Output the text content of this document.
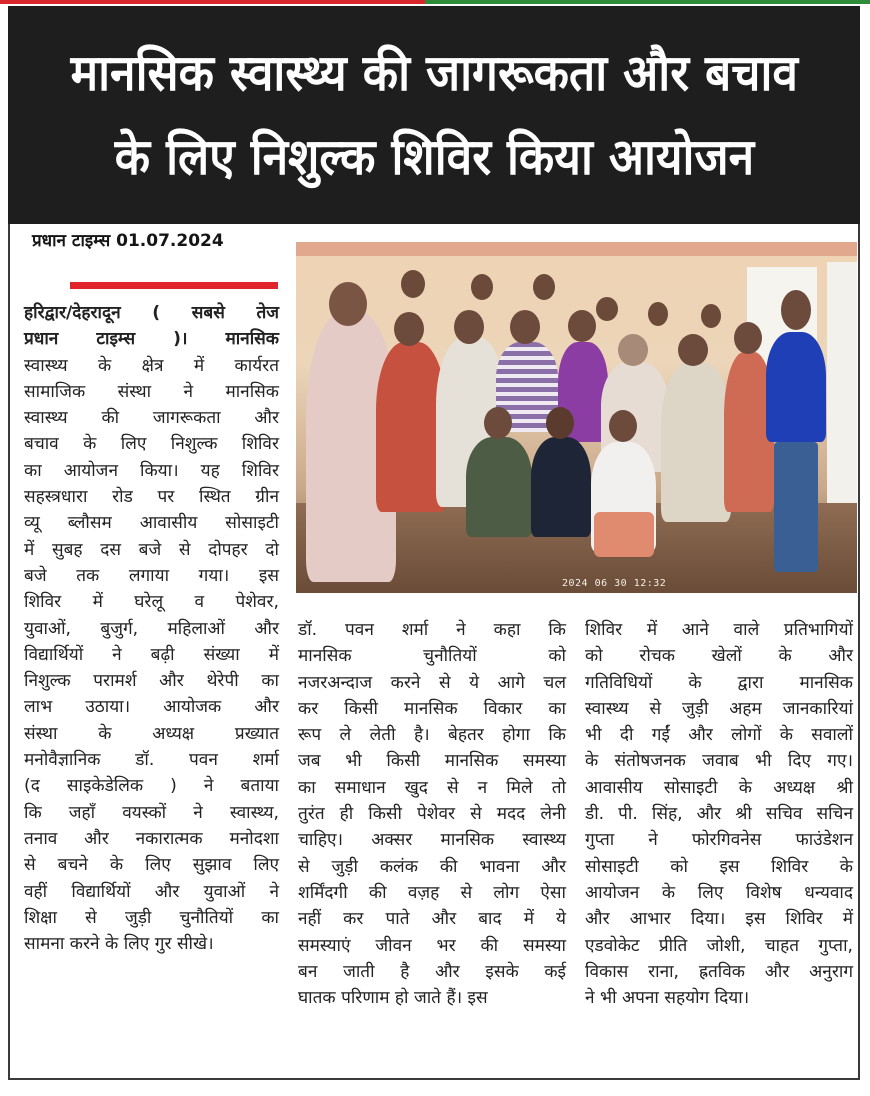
मानसिक स्वास्थ्य की जागरूकता और बचाव
के लिए निशुल्क शिविर किया आयोजन
प्रधान टाइम्स 01.07.2024
2024 06 30 12:32
हरिद्वार/देहरादून ( सबसे तेज
प्रधान टाइम्स )। मानसिक
स्वास्थ्य के क्षेत्र में कार्यरत
सामाजिक संस्था ने मानसिक
स्वास्थ्य की जागरूकता और
बचाव के लिए निशुल्क शिविर
का आयोजन किया। यह शिविर
सहस्त्रधारा रोड पर स्थित ग्रीन
व्यू ब्लौसम आवासीय सोसाइटी
में सुबह दस बजे से दोपहर दो
बजे तक लगाया गया। इस
शिविर में घरेलू व पेशेवर,
युवाओं, बुजुर्ग, महिलाओं और
विद्यार्थियों ने बढ़ी संख्या में
निशुल्क परामर्श और थेरेपी का
लाभ उठाया। आयोजक और
संस्था के अध्यक्ष प्रख्यात
मनोवैज्ञानिक डॉ. पवन शर्मा
(द साइकेडेलिक ) ने बताया
कि जहाँ वयस्कों ने स्वास्थ्य,
तनाव और नकारात्मक मनोदशा
से बचने के लिए सुझाव लिए
वहीं विद्यार्थियों और युवाओं ने
शिक्षा से जुड़ी चुनौतियों का
सामना करने के लिए गुर सीखे।
डॉ. पवन शर्मा ने कहा कि
मानसिक चुनौतियों को
नजरअन्दाज करने से ये आगे चल
कर किसी मानसिक विकार का
रूप ले लेती है। बेहतर होगा कि
जब भी किसी मानसिक समस्या
का समाधान खुद से न मिले तो
तुरंत ही किसी पेशेवर से मदद लेनी
चाहिए। अक्सर मानसिक स्वास्थ्य
से जुड़ी कलंक की भावना और
शर्मिंदगी की वज़ह से लोग ऐसा
नहीं कर पाते और बाद में ये
समस्याएं जीवन भर की समस्या
बन जाती है और इसके कई
घातक परिणाम हो जाते हैं। इस
शिविर में आने वाले प्रतिभागियों
को रोचक खेलों के और
गतिविधियों के द्वारा मानसिक
स्वास्थ्य से जुड़ी अहम जानकारियां
भी दी गईं और लोगों के सवालों
के संतोषजनक जवाब भी दिए गए।
आवासीय सोसाइटी के अध्यक्ष श्री
डी. पी. सिंह, और श्री सचिव सचिन
गुप्ता ने फोरगिवनेस फाउंडेशन
सोसाइटी को इस शिविर के
आयोजन के लिए विशेष धन्यवाद
और आभार दिया। इस शिविर में
एडवोकेट प्रीति जोशी, चाहत गुप्ता,
विकास राना, ह्रतविक और अनुराग
ने भी अपना सहयोग दिया।
